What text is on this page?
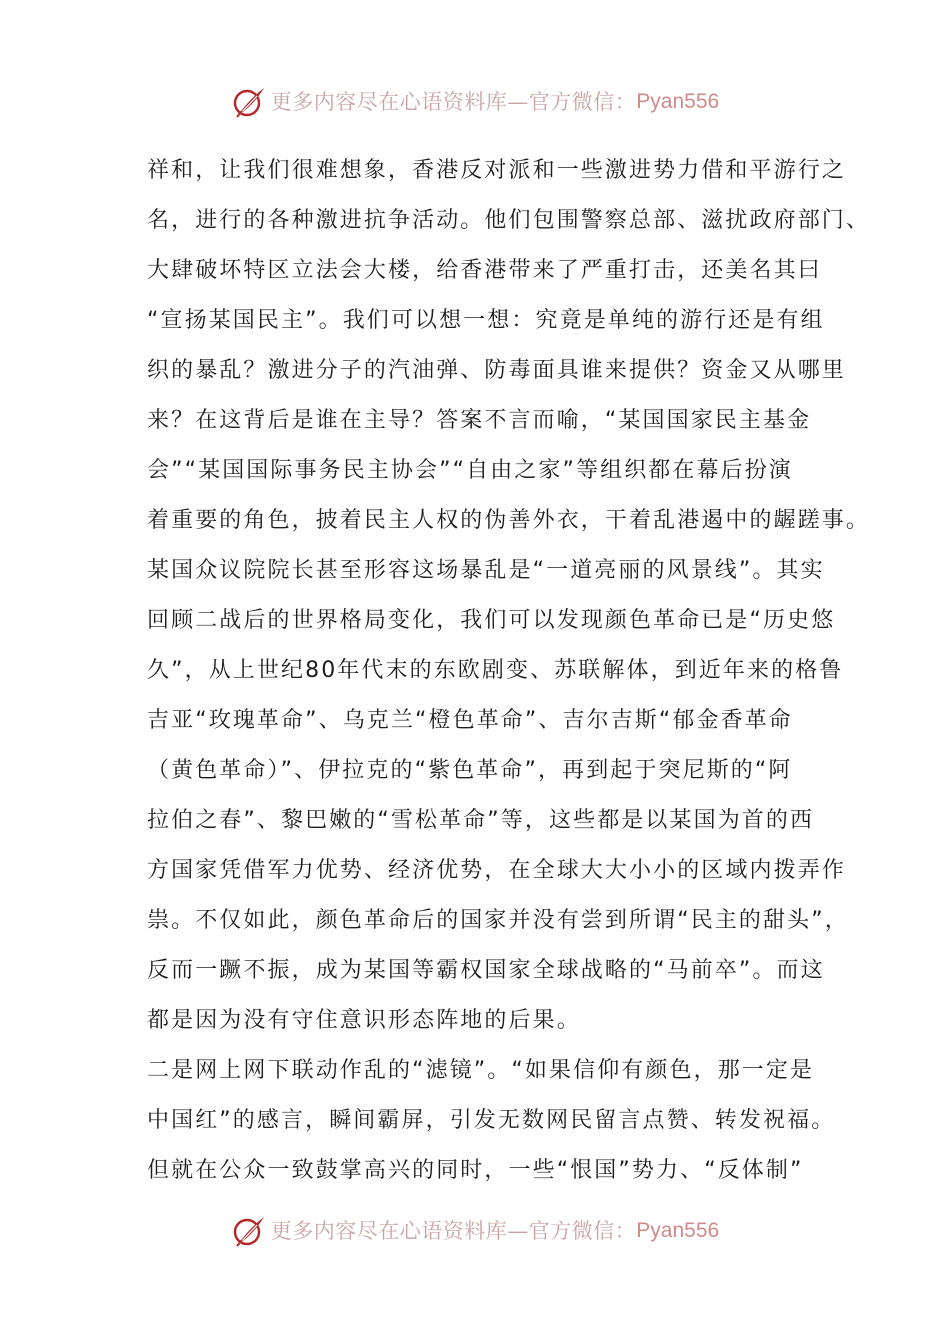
更多内容尽在心语资料库 — 官方微信： Pyan556

祥和，让我们很难想象，香港反对派和一些激进势力借和平游行之

名，进行的各种激进抗争活动。他们包围警察总部、滋扰政府部门、

大肆破坏特区立法会大楼，给香港带来了严重打击，还美名其曰

“宣扬某国民主”。我们可以想一想：究竟是单纯的游行还是有组

织的暴乱？激进分子的汽油弹、防毒面具谁来提供？资金又从哪里

来？在这背后是谁在主导？答案不言而喻，“某国国家民主基金

会”“某国国际事务民主协会”“自由之家”等组织都在幕后扮演

着重要的角色，披着民主人权的伪善外衣，干着乱港遏中的龌蹉事。

某国众议院院长甚至形容这场暴乱是“一道亮丽的风景线”。其实

回顾二战后的世界格局变化，我们可以发现颜色革命已是“历史悠

久”，从上世纪80年代末的东欧剧变、苏联解体，到近年来的格鲁

吉亚“玫瑰革命”、乌克兰“橙色革命”、吉尔吉斯“郁金香革命

（黄色革命）”、伊拉克的“紫色革命”，再到起于突尼斯的“阿

拉伯之春”、黎巴嫩的“雪松革命”等，这些都是以某国为首的西

方国家凭借军力优势、经济优势，在全球大大小小的区域内拨弄作

祟。不仅如此，颜色革命后的国家并没有尝到所谓“民主的甜头”，

反而一蹶不振，成为某国等霸权国家全球战略的“马前卒”。而这

都是因为没有守住意识形态阵地的后果。

二是网上网下联动作乱的“滤镜”。“如果信仰有颜色，那一定是

中国红”的感言，瞬间霸屏，引发无数网民留言点赞、转发祝福。

但就在公众一致鼓掌高兴的同时，一些“恨国”势力、“反体制”

更多内容尽在心语资料库 — 官方微信： Pyan556
